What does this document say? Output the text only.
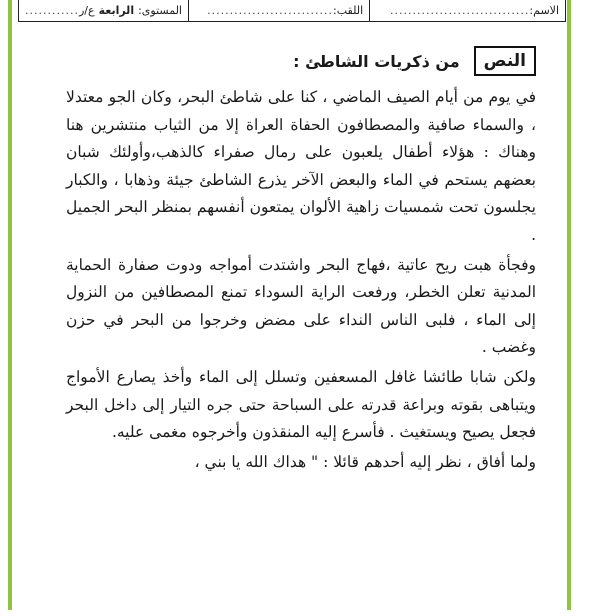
الاسم:
...............................
اللقب:
............................
المستوى:
الرابعة
ع/ر
............
النص
من ذكريات الشاطئ :

في يوم من أيام الصيف الماضي ، كنا على شاطئ البحر، وكان الجو معتدلا ، والسماء صافية والمصطافون الحفاة العراة إلا من الثياب منتشرين هنا وهناك : هؤلاء أطفال يلعبون على رمال صفراء كالذهب،وأولئك شبان بعضهم يستحم في الماء والبعض الآخر يذرع الشاطئ جيئة وذهابا ، والكبار يجلسون تحت شمسيات زاهية الألوان يمتعون أنفسهم بمنظر البحر الجميل .

وفجأة هبت ريح عاتية ،فهاج البحر واشتدت أمواجه ودوت صفارة الحماية المدنية تعلن الخطر، ورفعت الراية السوداء تمنع المصطافين من النزول إلى الماء ، فلبى الناس النداء على مضض وخرجوا من البحر في حزن وغضب .

ولكن شابا طائشا غافل المسعفين وتسلل إلى الماء وأخذ يصارع الأمواج ويتباهى بقوته وبراعة قدرته على السباحة حتى جره التيار إلى داخل البحر فجعل يصيح ويستغيث . فأسرع إليه المنقذون وأخرجوه مغمى عليه.

ولما أفاق ، نظر إليه أحدهم قائلا : " هداك الله يا بني ،
